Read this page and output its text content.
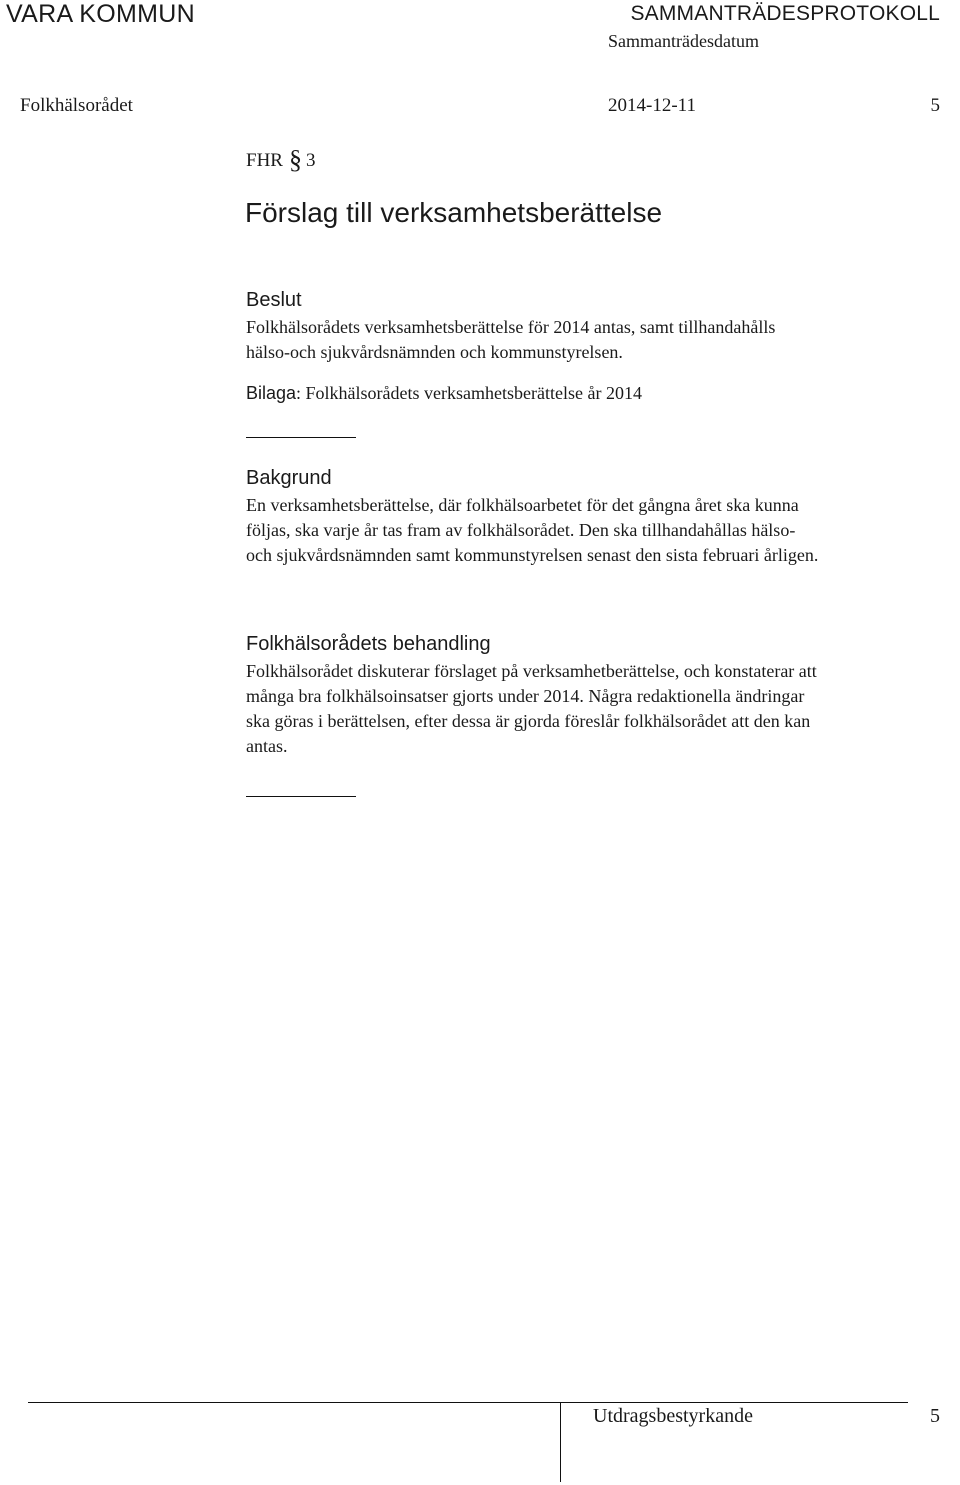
VARA KOMMUN	SAMMANTRÄDESPROTOKOLL
Sammanträdesdatum
Folkhälsorådet	2014-12-11	5
FHR § 3
Förslag till verksamhetsberättelse
Beslut
Folkhälsorådets verksamhetsberättelse för 2014 antas, samt tillhandahålls
hälso-och sjukvårdsnämnden och kommunstyrelsen.
Bilaga: Folkhälsorådets verksamhetsberättelse år 2014
Bakgrund
En verksamhetsberättelse, där folkhälsoarbetet för det gångna året ska kunna
följas, ska varje år tas fram av folkhälsorådet. Den ska tillhandahållas hälso-
och sjukvårdsnämnden samt kommunstyrelsen senast den sista februari årligen.
Folkhälsorådets behandling
Folkhälsorådet diskuterar förslaget på verksamhetberättelse, och konstaterar att
många bra folkhälsoinsatser gjorts under 2014. Några redaktionella ändringar
ska göras i berättelsen, efter dessa är gjorda föreslår folkhälsorådet att den kan
antas.
Utdragsbestyrkande	5
